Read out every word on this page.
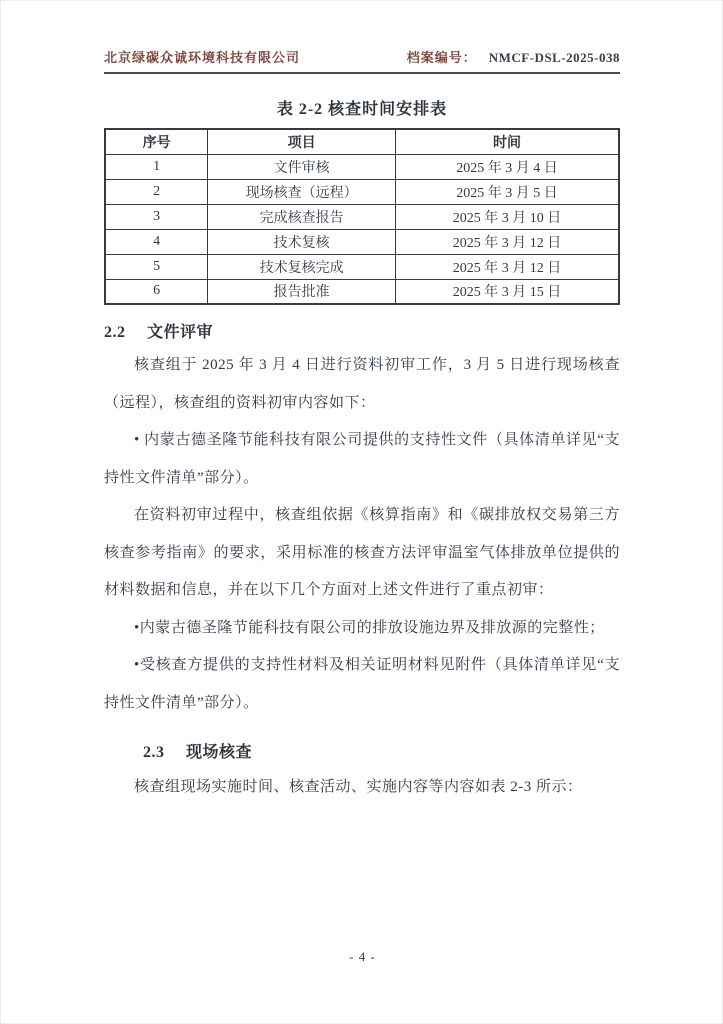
北京绿碳众诚环境科技有限公司	档案编号： NMCF-DSL-2025-038
表 2-2 核查时间安排表
序号	项目	时间
1	文件审核	2025 年 3 月 4 日
2	现场核查（远程）	2025 年 3 月 5 日
3	完成核查报告	2025 年 3 月 10 日
4	技术复核	2025 年 3 月 12 日
5	技术复核完成	2025 年 3 月 12 日
6	报告批准	2025 年 3 月 15 日
2.2 文件评审

核查组于 2025 年 3 月 4 日进行资料初审工作，3 月 5 日进行现场核查（远程），核查组的资料初审内容如下：

• 内蒙古德圣隆节能科技有限公司提供的支持性文件（具体清单详见“支持性文件清单”部分）。

在资料初审过程中，核查组依据《核算指南》和《碳排放权交易第三方核查参考指南》的要求，采用标准的核查方法评审温室气体排放单位提供的材料数据和信息，并在以下几个方面对上述文件进行了重点初审：

•内蒙古德圣隆节能科技有限公司的排放设施边界及排放源的完整性；

•受核查方提供的支持性材料及相关证明材料见附件（具体清单详见“支持性文件清单”部分）。

2.3 现场核查

核查组现场实施时间、核查活动、实施内容等内容如表 2-3 所示：

- 4 -
